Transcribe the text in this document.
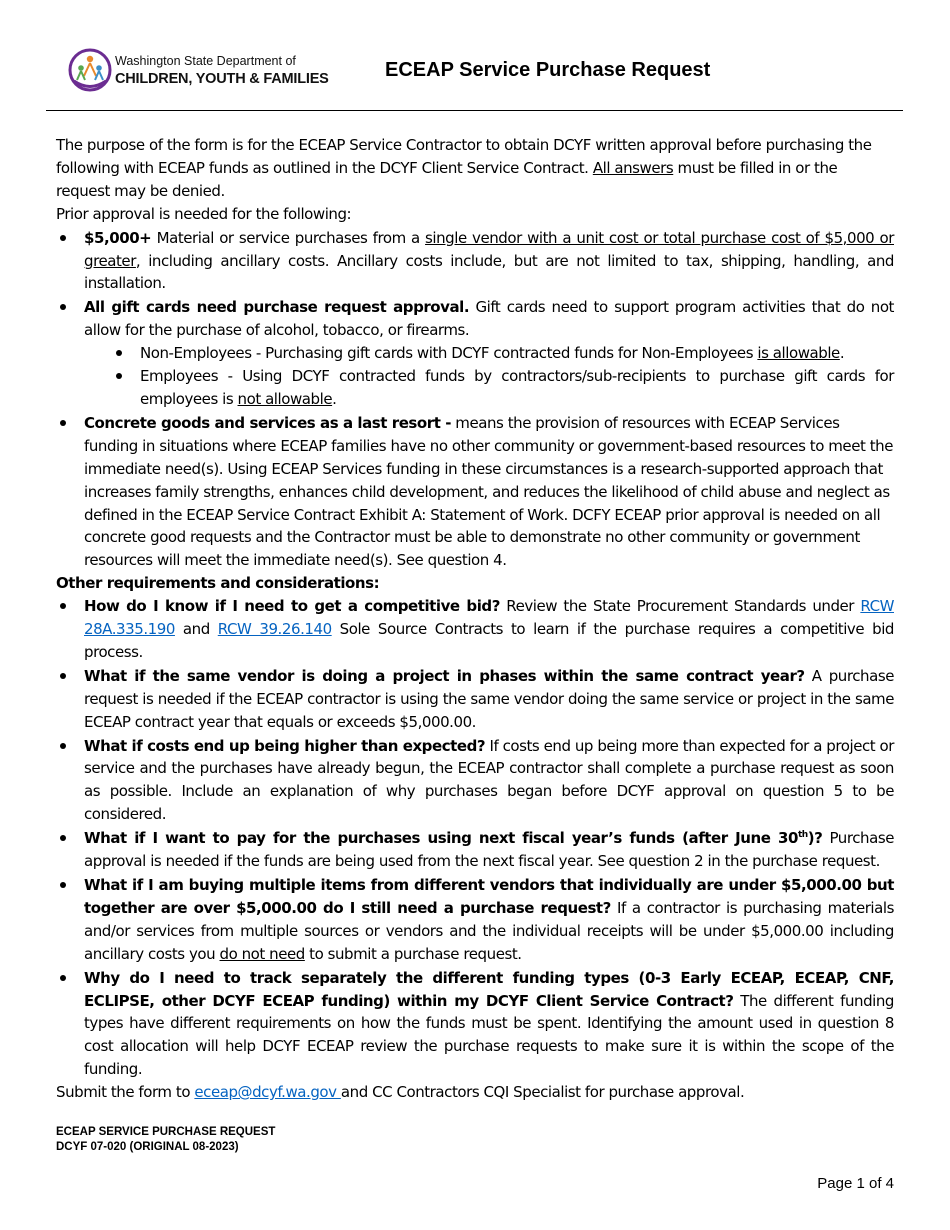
Washington State Department of
CHILDREN, YOUTH & FAMILIES	ECEAP Service Purchase Request

The purpose of the form is for the ECEAP Service Contractor to obtain DCYF written approval before purchasing the following with ECEAP funds as outlined in the DCYF Client Service Contract. All answers must be filled in or the request may be denied.

Prior approval is needed for the following:

$5,000+ Material or service purchases from a single vendor with a unit cost or total purchase cost of $5,000 or greater, including ancillary costs. Ancillary costs include, but are not limited to tax, shipping, handling, and installation.
All gift cards need purchase request approval. Gift cards need to support program activities that do not allow for the purchase of alcohol, tobacco, or firearms.
Non-Employees - Purchasing gift cards with DCYF contracted funds for Non-Employees is allowable.
Employees - Using DCYF contracted funds by contractors/sub-recipients to purchase gift cards for employees is not allowable.
Concrete goods and services as a last resort - means the provision of resources with ECEAP Services funding in situations where ECEAP families have no other community or government-based resources to meet the immediate need(s). Using ECEAP Services funding in these circumstances is a research-supported approach that increases family strengths, enhances child development, and reduces the likelihood of child abuse and neglect as defined in the ECEAP Service Contract Exhibit A: Statement of Work. DCFY ECEAP prior approval is needed on all concrete good requests and the Contractor must be able to demonstrate no other community or government resources will meet the immediate need(s). See question 4.

Other requirements and considerations:

How do I know if I need to get a competitive bid? Review the State Procurement Standards under RCW 28A.335.190 and RCW 39.26.140 Sole Source Contracts to learn if the purchase requires a competitive bid process.
What if the same vendor is doing a project in phases within the same contract year? A purchase request is needed if the ECEAP contractor is using the same vendor doing the same service or project in the same ECEAP contract year that equals or exceeds $5,000.00.
What if costs end up being higher than expected? If costs end up being more than expected for a project or service and the purchases have already begun, the ECEAP contractor shall complete a purchase request as soon as possible. Include an explanation of why purchases began before DCYF approval on question 5 to be considered.
What if I want to pay for the purchases using next fiscal year’s funds (after June 30th)? Purchase approval is needed if the funds are being used from the next fiscal year. See question 2 in the purchase request.
What if I am buying multiple items from different vendors that individually are under $5,000.00 but together are over $5,000.00 do I still need a purchase request? If a contractor is purchasing materials and/or services from multiple sources or vendors and the individual receipts will be under $5,000.00 including ancillary costs you do not need to submit a purchase request.
Why do I need to track separately the different funding types (0-3 Early ECEAP, ECEAP, CNF, ECLIPSE, other DCYF ECEAP funding) within my DCYF Client Service Contract? The different funding types have different requirements on how the funds must be spent. Identifying the amount used in question 8 cost allocation will help DCYF ECEAP review the purchase requests to make sure it is within the scope of the funding.

Submit the form to eceap@dcyf.wa.gov and CC Contractors CQI Specialist for purchase approval.

ECEAP SERVICE PURCHASE REQUEST
DCYF 07-020 (ORIGINAL 08-2023)
Page 1 of 4
